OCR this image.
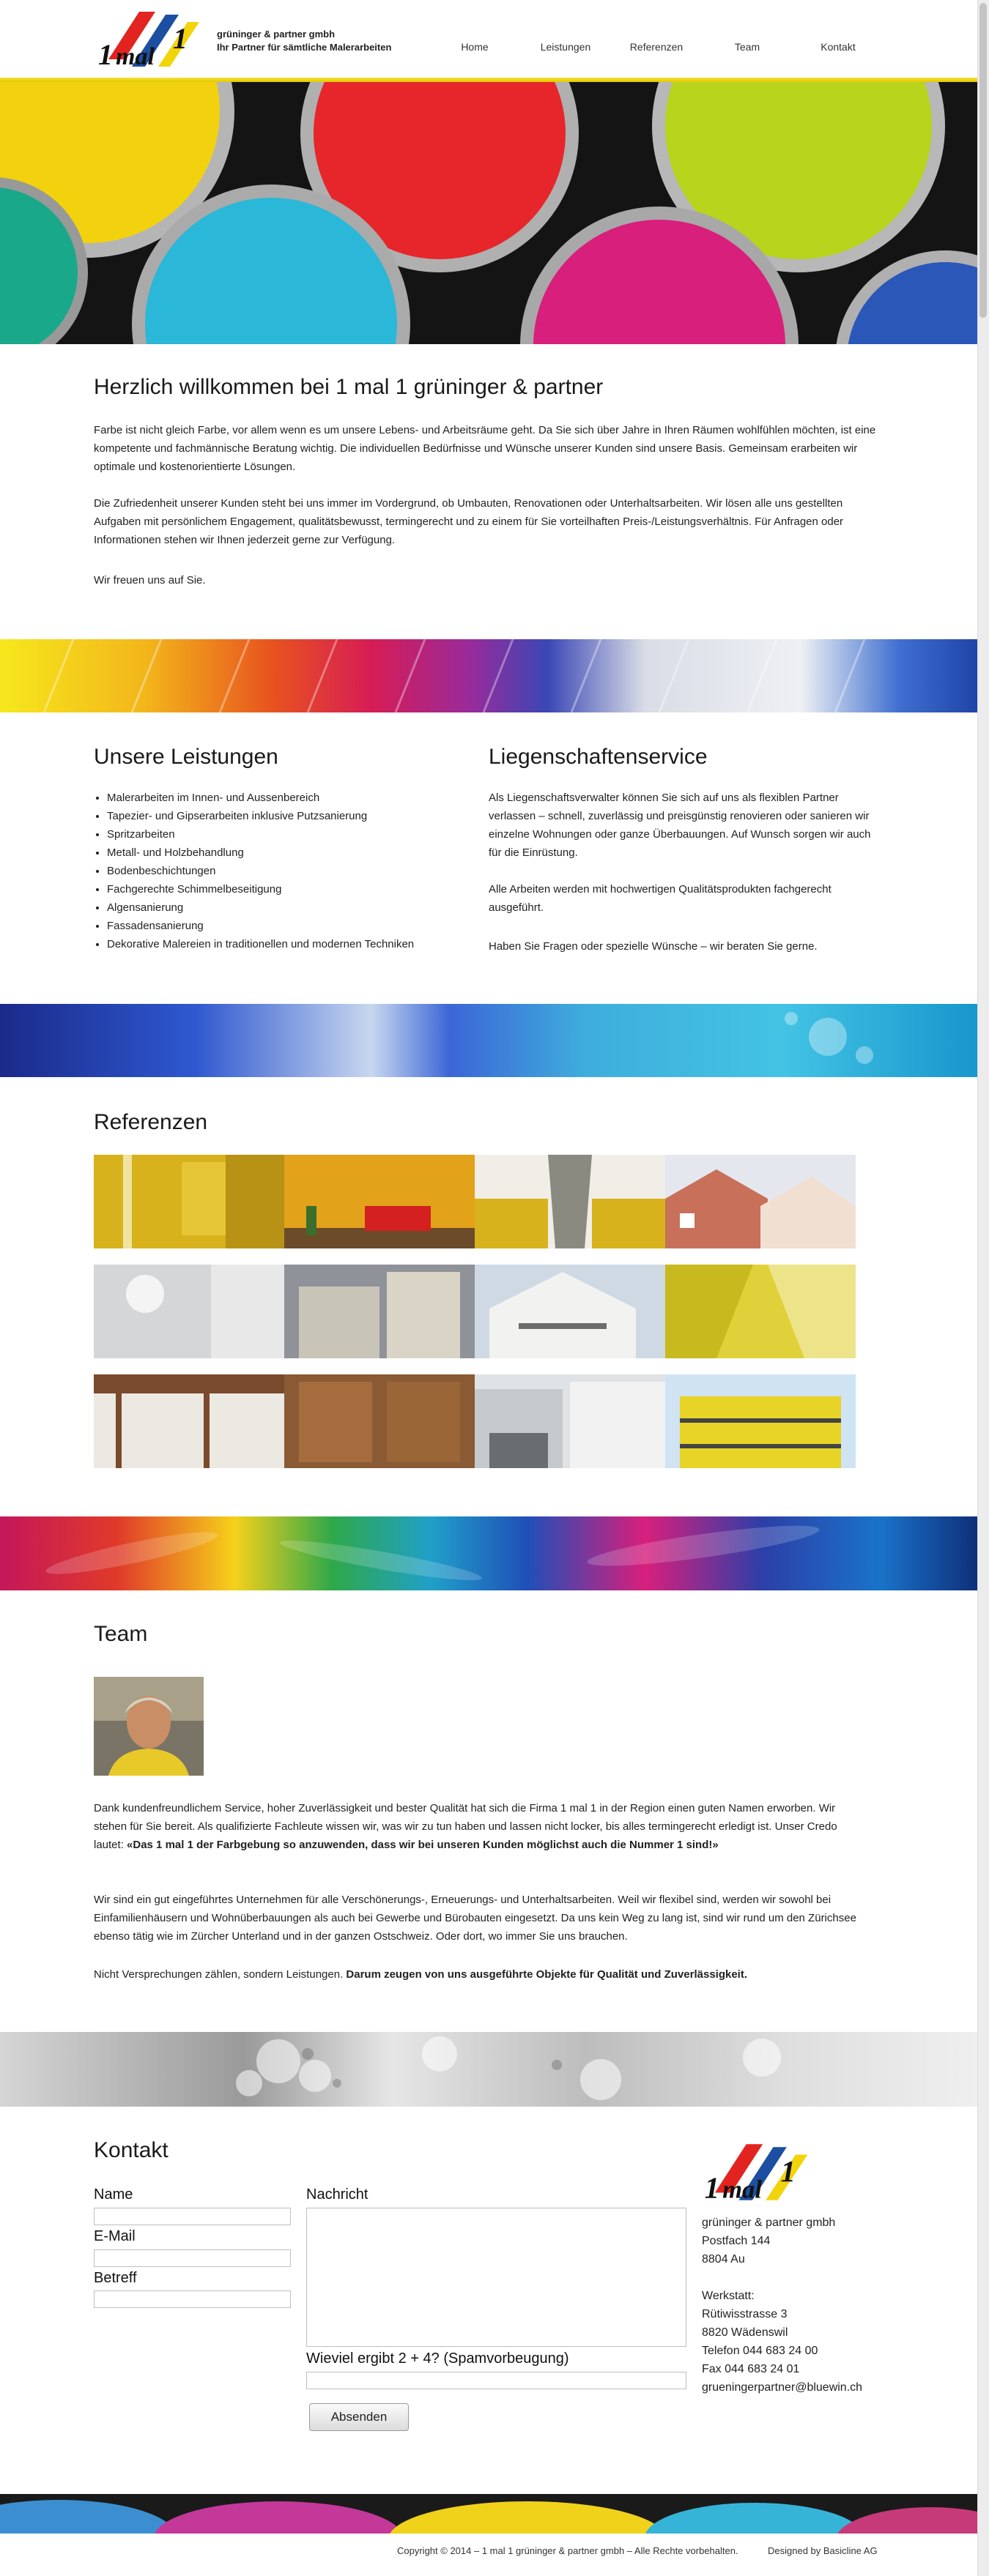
1 mal
1	grüninger & partner gmbh
Ihr Partner für sämtliche Malerarbeiten	Home	Leistungen	Referenzen	Team	Kontakt
Herzlich willkommen bei 1 mal 1 grüninger & partner

Farbe ist nicht gleich Farbe, vor allem wenn es um unsere Lebens- und Arbeitsräume geht. Da Sie sich über Jahre in Ihren Räumen wohlfühlen möchten, ist eine kompetente und fachmännische Beratung wichtig. Die individuellen Bedürfnisse und Wünsche unserer Kunden sind unsere Basis. Gemeinsam erarbeiten wir optimale und kostenorientierte Lösungen.

Die Zufriedenheit unserer Kunden steht bei uns immer im Vordergrund, ob Umbauten, Renovationen oder Unterhaltsarbeiten. Wir lösen alle uns gestellten Aufgaben mit persönlichem Engagement, qualitätsbewusst, termingerecht und zu einem für Sie vorteilhaften Preis-/Leistungsverhältnis. Für Anfragen oder Informationen stehen wir Ihnen jederzeit gerne zur Verfügung.

Wir freuen uns auf Sie.

Unsere Leistungen
• Malerarbeiten im Innen- und Aussenbereich
• Tapezier- und Gipserarbeiten inklusive Putzsanierung
• Spritzarbeiten
• Metall- und Holzbehandlung
• Bodenbeschichtungen
• Fachgerechte Schimmelbeseitigung
• Algensanierung
• Fassadensanierung
• Dekorative Malereien in traditionellen und modernen Techniken
Liegenschaftenservice

Als Liegenschaftsverwalter können Sie sich auf uns als flexiblen Partner verlassen – schnell, zuverlässig und preisgünstig renovieren oder sanieren wir einzelne Wohnungen oder ganze Überbauungen. Auf Wunsch sorgen wir auch für die Einrüstung.

Alle Arbeiten werden mit hochwertigen Qualitätsprodukten fachgerecht ausgeführt.

Haben Sie Fragen oder spezielle Wünsche – wir beraten Sie gerne.

Referenzen
Team

Dank kundenfreundlichem Service, hoher Zuverlässigkeit und bester Qualität hat sich die Firma 1 mal 1 in der Region einen guten Namen erworben. Wir stehen für Sie bereit. Als qualifizierte Fachleute wissen wir, was wir zu tun haben und lassen nicht locker, bis alles termingerecht erledigt ist. Unser Credo lautet: «Das 1 mal 1 der Farbgebung so anzuwenden, dass wir bei unseren Kunden möglichst auch die Nummer 1 sind!»

Wir sind ein gut eingeführtes Unternehmen für alle Verschönerungs-, Erneuerungs- und Unterhaltsarbeiten. Weil wir flexibel sind, werden wir sowohl bei Einfamilienhäusern und Wohnüberbauungen als auch bei Gewerbe und Bürobauten eingesetzt. Da uns kein Weg zu lang ist, sind wir rund um den Zürichsee ebenso tätig wie im Zürcher Unterland und in der ganzen Ostschweiz. Oder dort, wo immer Sie uns brauchen.

Nicht Versprechungen zählen, sondern Leistungen. Darum zeugen von uns ausgeführte Objekte für Qualität und Zuverlässigkeit.

Kontakt
Name
E-Mail
Betreff
Nachricht
Wieviel ergibt 2 + 4? (Spamvorbeugung)
Absenden
1 mal
1
grüninger & partner gmbh
Postfach 144
8804 Au
Werkstatt:
Rütiwisstrasse 3
8820 Wädenswil
Telefon 044 683 24 00
Fax 044 683 24 01
grueningerpartner@bluewin.ch
Copyright © 2014 – 1 mal 1 grüninger & partner gmbh – Alle Rechte vorbehalten.	Designed by Basicline AG
